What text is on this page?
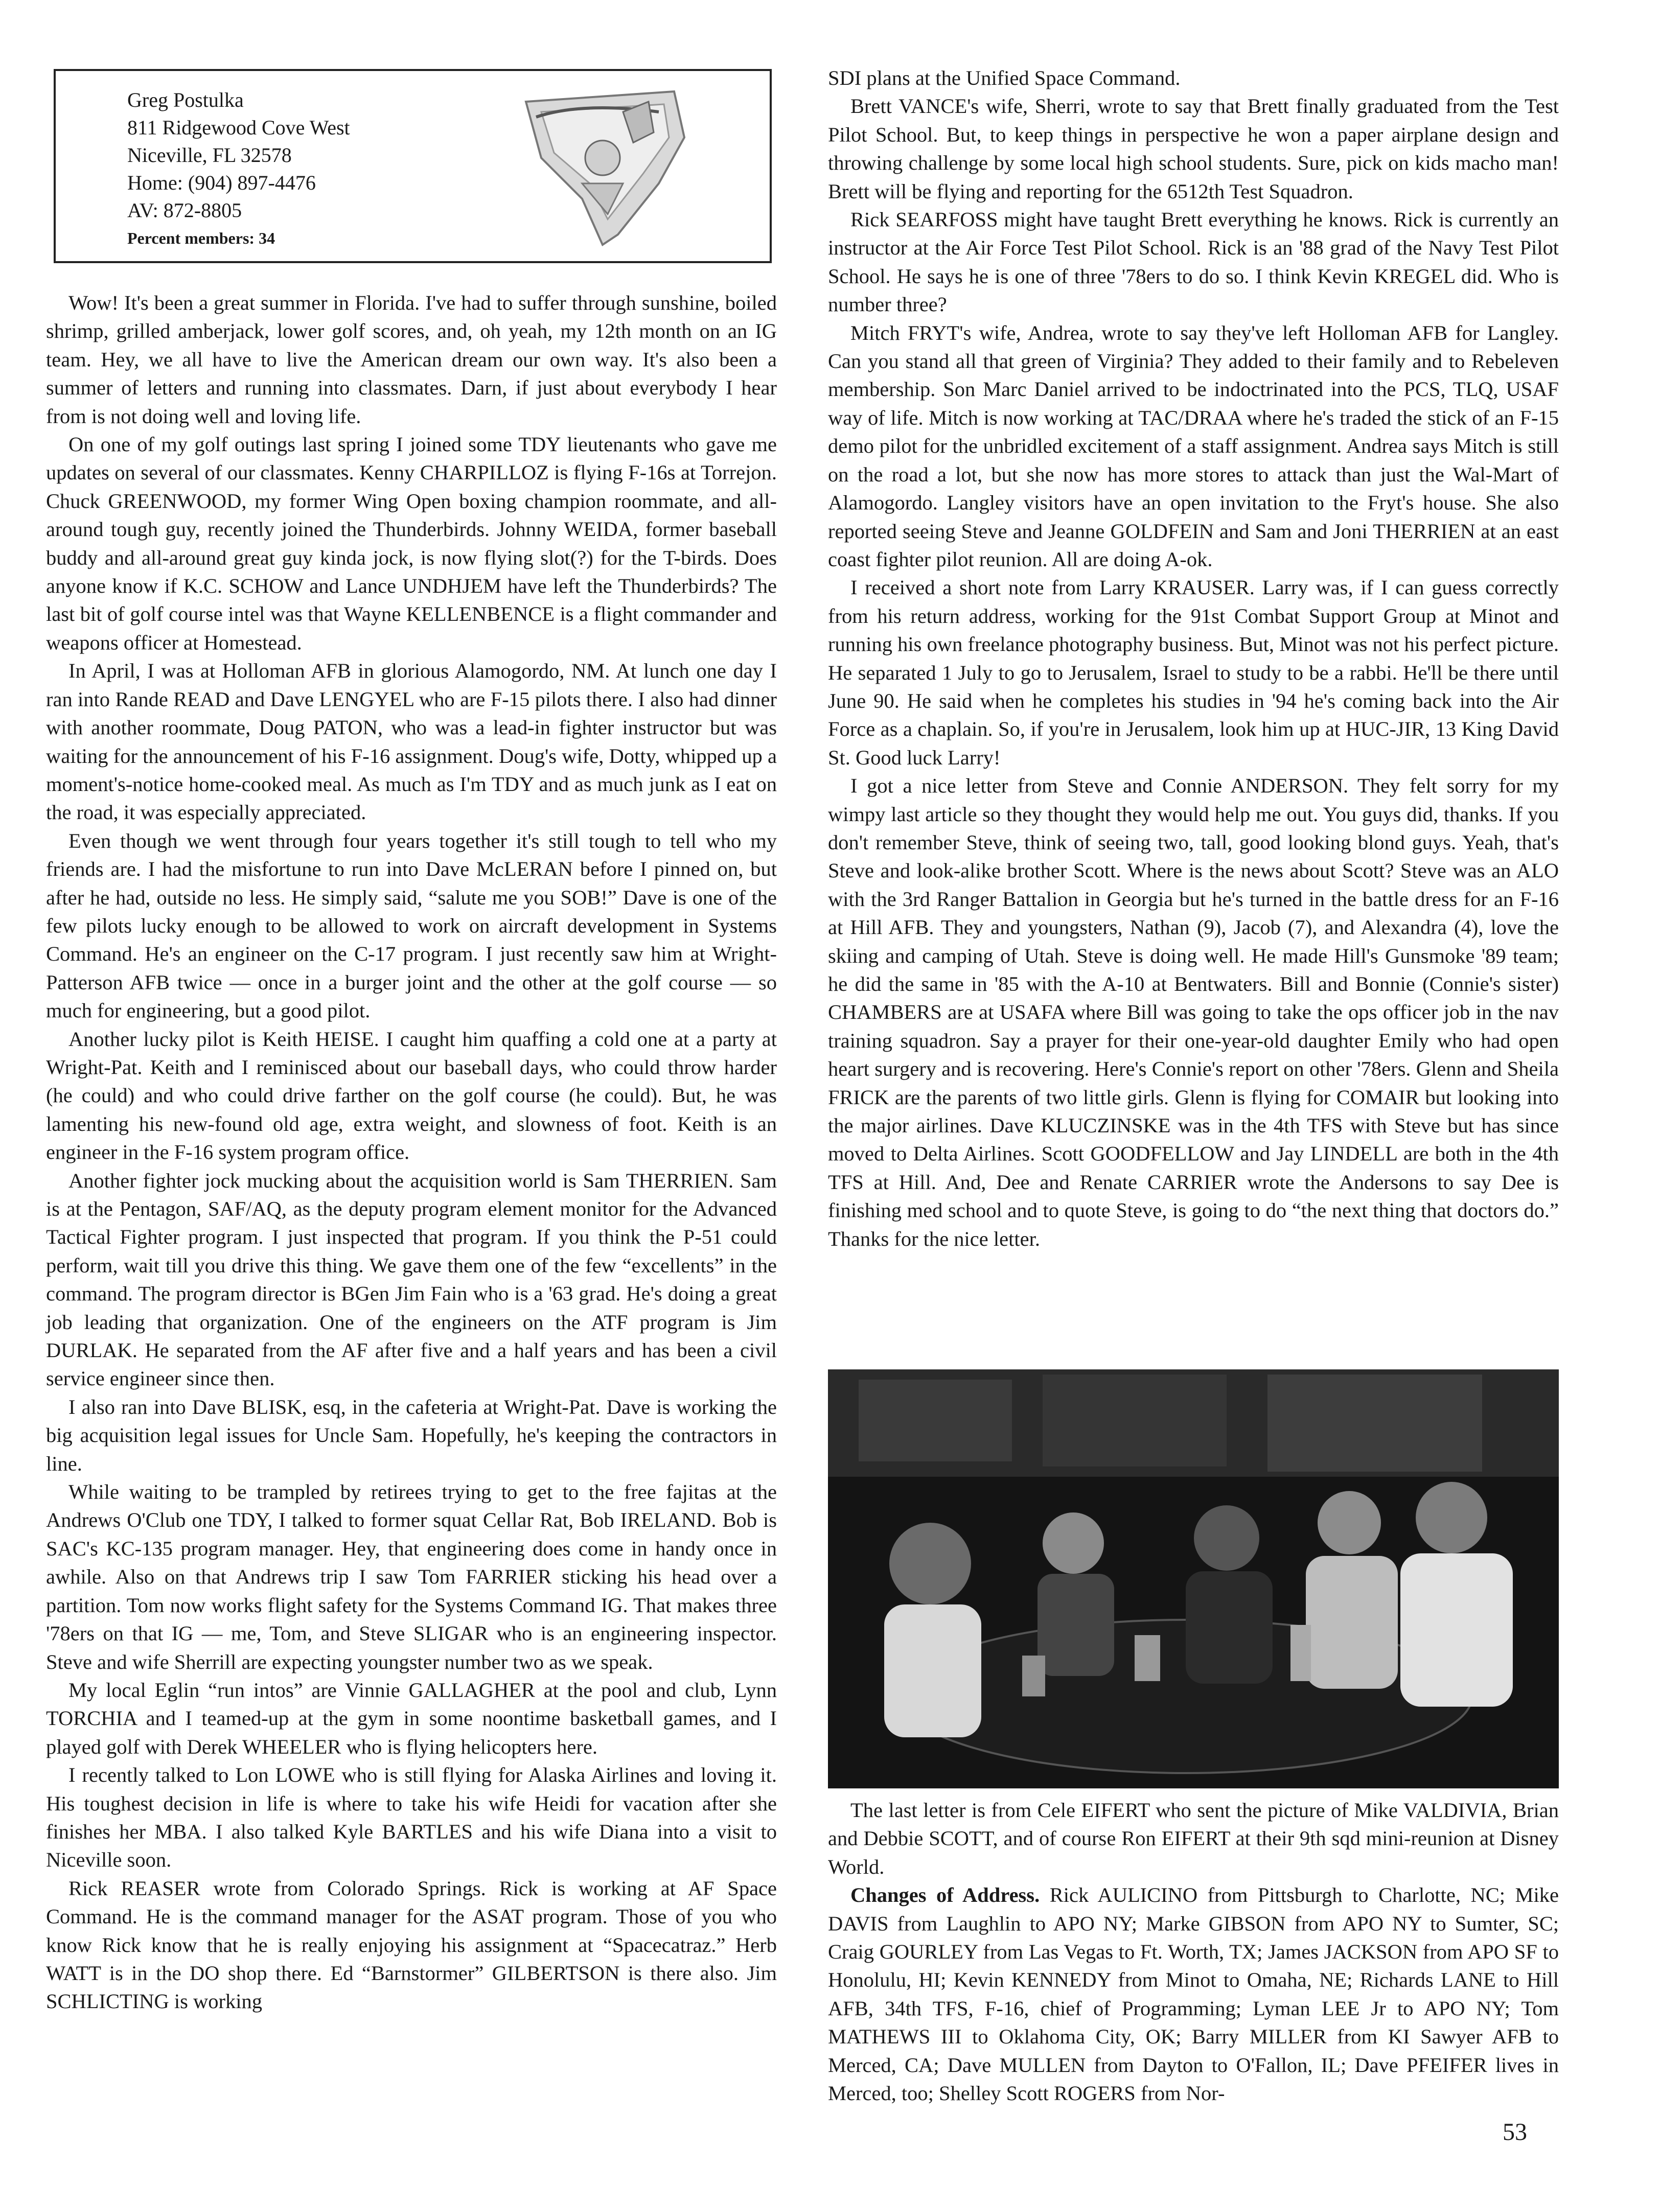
Greg Postulka
811 Ridgewood Cove West
Niceville, FL 32578
Home: (904) 897-4476
AV: 872-8805
Percent members: 34

Wow! It's been a great summer in Florida. I've had to suffer through sunshine, boiled shrimp, grilled amberjack, lower golf scores, and, oh yeah, my 12th month on an IG team. Hey, we all have to live the American dream our own way. It's also been a summer of letters and running into classmates. Darn, if just about everybody I hear from is not doing well and loving life.

On one of my golf outings last spring I joined some TDY lieutenants who gave me updates on several of our classmates. Kenny CHARPILLOZ is flying F-16s at Torrejon. Chuck GREENWOOD, my former Wing Open boxing champion roommate, and all-around tough guy, recently joined the Thunderbirds. Johnny WEIDA, former baseball buddy and all-around great guy kinda jock, is now flying slot(?) for the T-birds. Does anyone know if K.C. SCHOW and Lance UNDHJEM have left the Thunderbirds? The last bit of golf course intel was that Wayne KELLENBENCE is a flight commander and weapons officer at Homestead.

In April, I was at Holloman AFB in glorious Alamogordo, NM. At lunch one day I ran into Rande READ and Dave LENGYEL who are F-15 pilots there. I also had dinner with another roommate, Doug PATON, who was a lead-in fighter instructor but was waiting for the announcement of his F-16 assignment. Doug's wife, Dotty, whipped up a moment's-notice home-cooked meal. As much as I'm TDY and as much junk as I eat on the road, it was especially appreciated.

Even though we went through four years together it's still tough to tell who my friends are. I had the misfortune to run into Dave McLERAN before I pinned on, but after he had, outside no less. He simply said, “salute me you SOB!” Dave is one of the few pilots lucky enough to be allowed to work on aircraft development in Systems Command. He's an engineer on the C-17 program. I just recently saw him at Wright-Patterson AFB twice — once in a burger joint and the other at the golf course — so much for engineering, but a good pilot.

Another lucky pilot is Keith HEISE. I caught him quaffing a cold one at a party at Wright-Pat. Keith and I reminisced about our baseball days, who could throw harder (he could) and who could drive farther on the golf course (he could). But, he was lamenting his new-found old age, extra weight, and slowness of foot. Keith is an engineer in the F-16 system program office.

Another fighter jock mucking about the acquisition world is Sam THERRIEN. Sam is at the Pentagon, SAF/AQ, as the deputy program element monitor for the Advanced Tactical Fighter program. I just inspected that program. If you think the P-51 could perform, wait till you drive this thing. We gave them one of the few “excellents” in the command. The program director is BGen Jim Fain who is a '63 grad. He's doing a great job leading that organization. One of the engineers on the ATF program is Jim DURLAK. He separated from the AF after five and a half years and has been a civil service engineer since then.

I also ran into Dave BLISK, esq, in the cafeteria at Wright-Pat. Dave is working the big acquisition legal issues for Uncle Sam. Hopefully, he's keeping the contractors in line.

While waiting to be trampled by retirees trying to get to the free fajitas at the Andrews O'Club one TDY, I talked to former squat Cellar Rat, Bob IRELAND. Bob is SAC's KC-135 program manager. Hey, that engineering does come in handy once in awhile. Also on that Andrews trip I saw Tom FARRIER sticking his head over a partition. Tom now works flight safety for the Systems Command IG. That makes three '78ers on that IG — me, Tom, and Steve SLIGAR who is an engineering inspector. Steve and wife Sherrill are expecting youngster number two as we speak.

My local Eglin “run intos” are Vinnie GALLAGHER at the pool and club, Lynn TORCHIA and I teamed-up at the gym in some noontime basketball games, and I played golf with Derek WHEELER who is flying helicopters here.

I recently talked to Lon LOWE who is still flying for Alaska Airlines and loving it. His toughest decision in life is where to take his wife Heidi for vacation after she finishes her MBA. I also talked Kyle BARTLES and his wife Diana into a visit to Niceville soon.

Rick REASER wrote from Colorado Springs. Rick is working at AF Space Command. He is the command manager for the ASAT program. Those of you who know Rick know that he is really enjoying his assignment at “Spacecatraz.” Herb WATT is in the DO shop there. Ed “Barnstormer” GILBERTSON is there also. Jim SCHLICTING is working

SDI plans at the Unified Space Command.

Brett VANCE's wife, Sherri, wrote to say that Brett finally graduated from the Test Pilot School. But, to keep things in perspective he won a paper airplane design and throwing challenge by some local high school students. Sure, pick on kids macho man! Brett will be flying and reporting for the 6512th Test Squadron.

Rick SEARFOSS might have taught Brett everything he knows. Rick is currently an instructor at the Air Force Test Pilot School. Rick is an '88 grad of the Navy Test Pilot School. He says he is one of three '78ers to do so. I think Kevin KREGEL did. Who is number three?

Mitch FRYT's wife, Andrea, wrote to say they've left Holloman AFB for Langley. Can you stand all that green of Virginia? They added to their family and to Rebeleven membership. Son Marc Daniel arrived to be indoctrinated into the PCS, TLQ, USAF way of life. Mitch is now working at TAC/DRAA where he's traded the stick of an F-15 demo pilot for the unbridled excitement of a staff assignment. Andrea says Mitch is still on the road a lot, but she now has more stores to attack than just the Wal-Mart of Alamogordo. Langley visitors have an open invitation to the Fryt's house. She also reported seeing Steve and Jeanne GOLDFEIN and Sam and Joni THERRIEN at an east coast fighter pilot reunion. All are doing A-ok.

I received a short note from Larry KRAUSER. Larry was, if I can guess correctly from his return address, working for the 91st Combat Support Group at Minot and running his own freelance photography business. But, Minot was not his perfect picture. He separated 1 July to go to Jerusalem, Israel to study to be a rabbi. He'll be there until June 90. He said when he completes his studies in '94 he's coming back into the Air Force as a chaplain. So, if you're in Jerusalem, look him up at HUC-JIR, 13 King David St. Good luck Larry!

I got a nice letter from Steve and Connie ANDERSON. They felt sorry for my wimpy last article so they thought they would help me out. You guys did, thanks. If you don't remember Steve, think of seeing two, tall, good looking blond guys. Yeah, that's Steve and look-alike brother Scott. Where is the news about Scott? Steve was an ALO with the 3rd Ranger Battalion in Georgia but he's turned in the battle dress for an F-16 at Hill AFB. They and youngsters, Nathan (9), Jacob (7), and Alexandra (4), love the skiing and camping of Utah. Steve is doing well. He made Hill's Gunsmoke '89 team; he did the same in '85 with the A-10 at Bentwaters. Bill and Bonnie (Connie's sister) CHAMBERS are at USAFA where Bill was going to take the ops officer job in the nav training squadron. Say a prayer for their one-year-old daughter Emily who had open heart surgery and is recovering. Here's Connie's report on other '78ers. Glenn and Sheila FRICK are the parents of two little girls. Glenn is flying for COMAIR but looking into the major airlines. Dave KLUCZINSKE was in the 4th TFS with Steve but has since moved to Delta Airlines. Scott GOODFELLOW and Jay LINDELL are both in the 4th TFS at Hill. And, Dee and Renate CARRIER wrote the Andersons to say Dee is finishing med school and to quote Steve, is going to do “the next thing that doctors do.” Thanks for the nice letter.

The last letter is from Cele EIFERT who sent the picture of Mike VALDIVIA, Brian and Debbie SCOTT, and of course Ron EIFERT at their 9th sqd mini-reunion at Disney World.

Changes of Address. Rick AULICINO from Pittsburgh to Charlotte, NC; Mike DAVIS from Laughlin to APO NY; Marke GIBSON from APO NY to Sumter, SC; Craig GOURLEY from Las Vegas to Ft. Worth, TX; James JACKSON from APO SF to Honolulu, HI; Kevin KENNEDY from Minot to Omaha, NE; Richards LANE to Hill AFB, 34th TFS, F-16, chief of Programming; Lyman LEE Jr to APO NY; Tom MATHEWS III to Oklahoma City, OK; Barry MILLER from KI Sawyer AFB to Merced, CA; Dave MULLEN from Dayton to O'Fallon, IL; Dave PFEIFER lives in Merced, too; Shelley Scott ROGERS from Nor-

53
